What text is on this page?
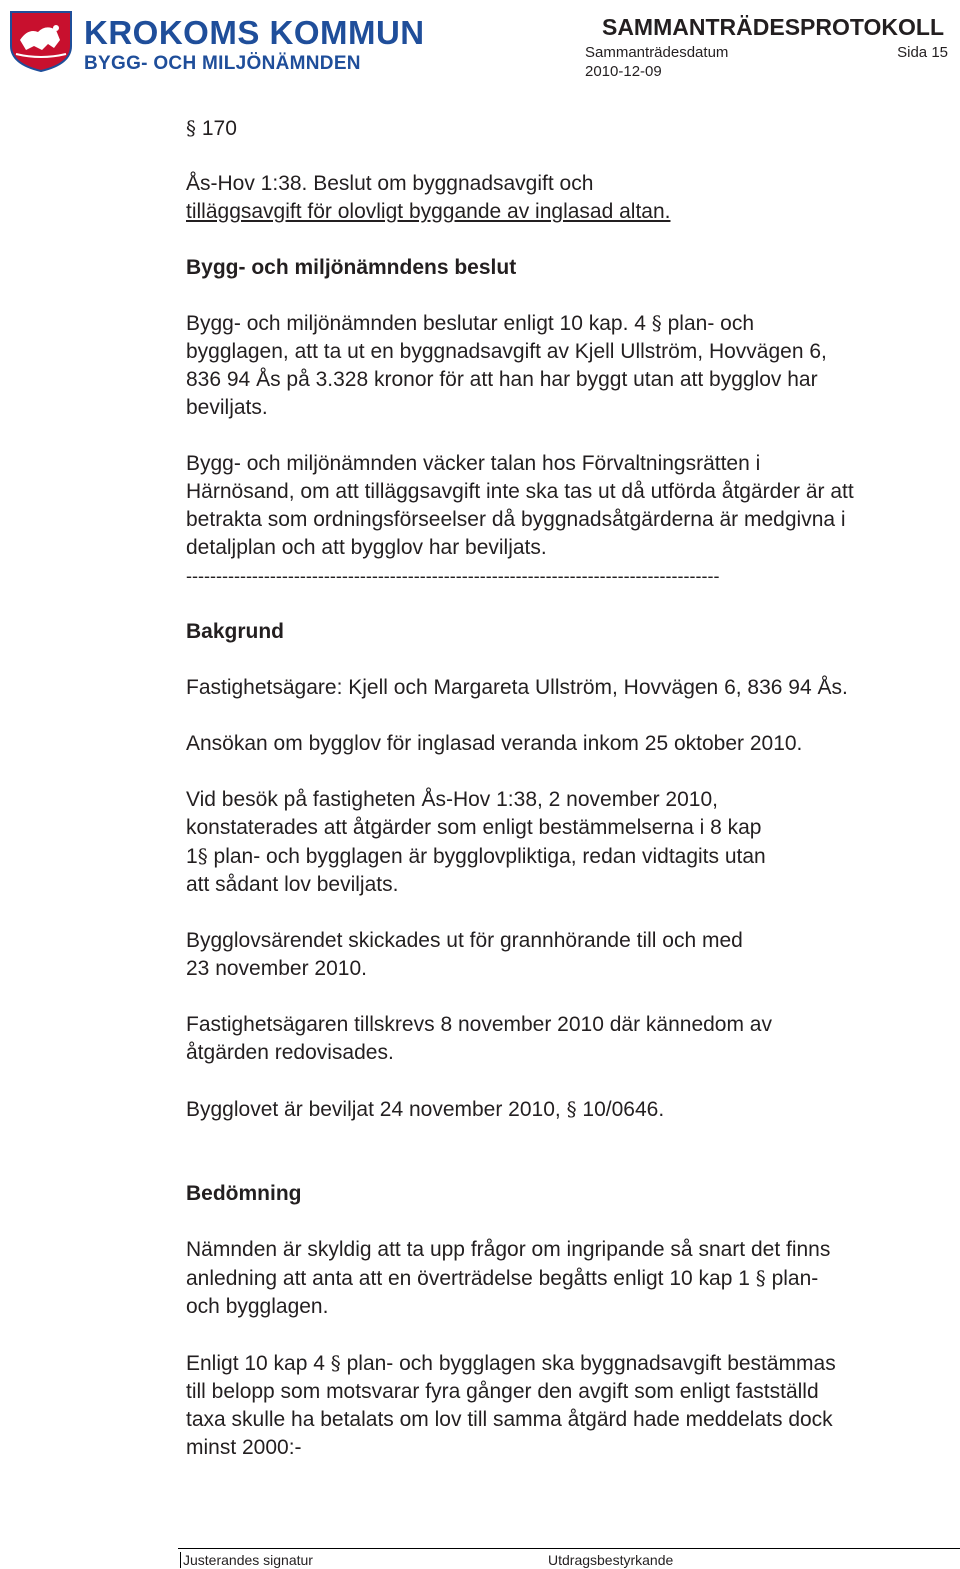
KROKOMS KOMMUN
BYGG- OCH MILJÖNÄMNDEN
SAMMANTRÄDESPROTOKOLL
Sammanträdesdatum	Sida 15
2010-12-09
§ 170

Ås-Hov 1:38. Beslut om byggnadsavgift och

tilläggsavgift för olovligt byggande av inglasad altan.

Bygg- och miljönämndens beslut

Bygg- och miljönämnden beslutar enligt 10 kap. 4 § plan- och

bygglagen, att ta ut en byggnadsavgift av Kjell Ullström, Hovvägen 6,

836 94 Ås på 3.328 kronor för att han har byggt utan att bygglov har

beviljats.

Bygg- och miljönämnden väcker talan hos Förvaltningsrätten i

Härnösand, om att tilläggsavgift inte ska tas ut då utförda åtgärder är att

betrakta som ordningsförseelser då byggnadsåtgärderna är medgivna i

detaljplan och att bygglov har beviljats.

-----------------------------------------------------------------------------------------

Bakgrund

Fastighetsägare: Kjell och Margareta Ullström, Hovvägen 6, 836 94 Ås.

Ansökan om bygglov för inglasad veranda inkom 25 oktober 2010.

Vid besök på fastigheten Ås-Hov 1:38, 2 november 2010,

konstaterades att åtgärder som enligt bestämmelserna i 8 kap

1§ plan- och bygglagen är bygglovpliktiga, redan vidtagits utan

att sådant lov beviljats.

Bygglovsärendet skickades ut för grannhörande till och med

23 november 2010.

Fastighetsägaren tillskrevs 8 november 2010 där kännedom av

åtgärden redovisades.

Bygglovet är beviljat 24 november 2010, § 10/0646.

Bedömning

Nämnden är skyldig att ta upp frågor om ingripande så snart det finns

anledning att anta att en överträdelse begåtts enligt 10 kap 1 § plan-

och bygglagen.

Enligt 10 kap 4 § plan- och bygglagen ska byggnadsavgift bestämmas

till belopp som motsvarar fyra gånger den avgift som enligt fastställd

taxa skulle ha betalats om lov till samma åtgärd hade meddelats dock

minst 2000:-

Justerandes signatur	Utdragsbestyrkande
